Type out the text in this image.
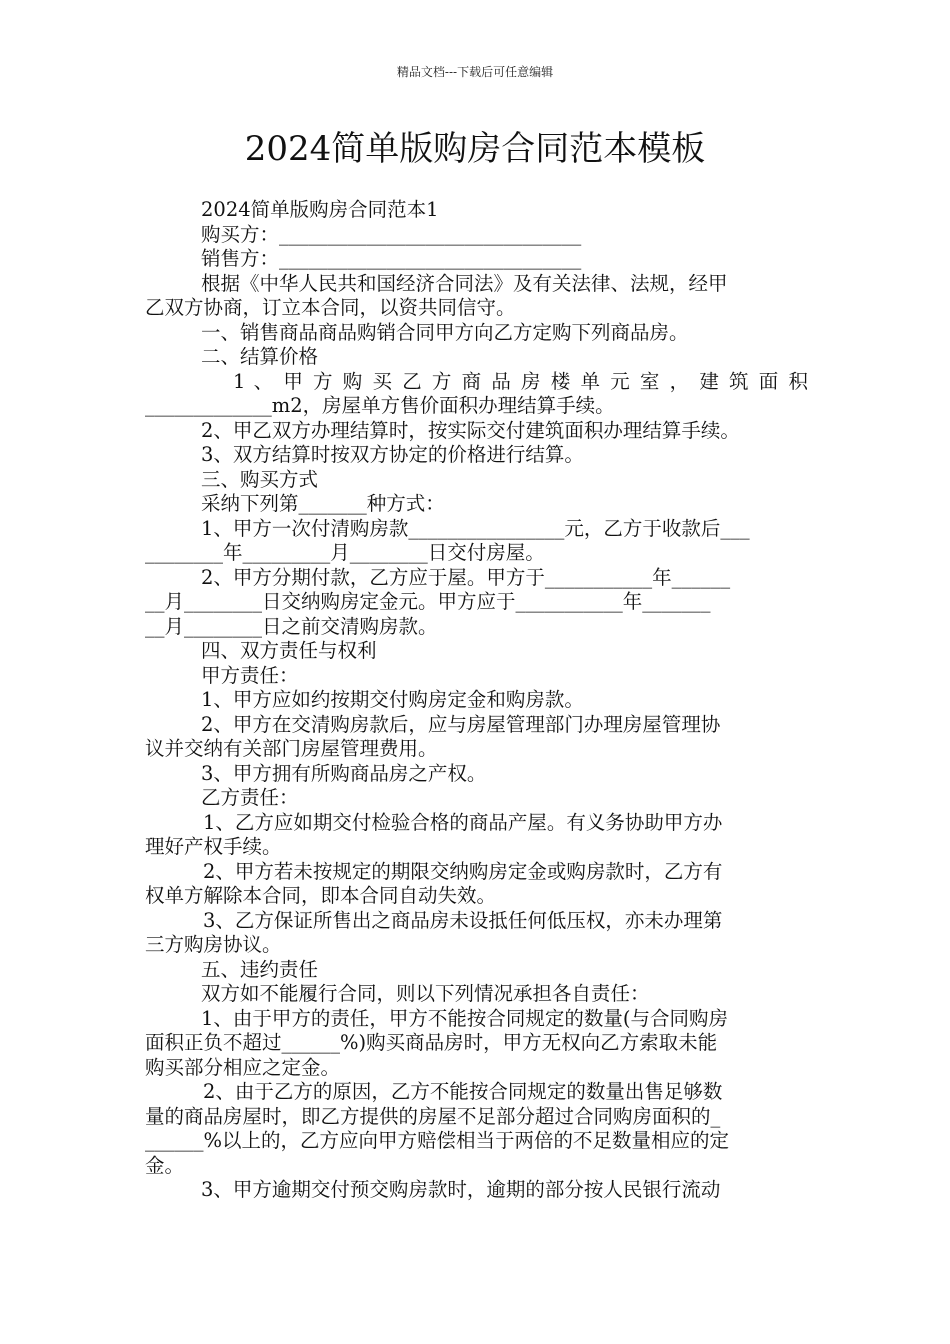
精品文档---下载后可任意编辑
2024简单版购房合同范本模板
2024简单版购房合同范本1
购买方：_______________________________
销售方：_______________________________
根据《中华人民共和国经济合同法》及有关法律、法规，经甲
乙双方协商，订立本合同，以资共同信守。
一、销售商品商品购销合同甲方向乙方定购下列商品房。
二、结算价格
1 、 甲 方 购 买 乙 方 商 品 房 楼 单 元 室 ， 建 筑 面 积
_____________m2，房屋单方售价面积办理结算手续。
2、甲乙双方办理结算时，按实际交付建筑面积办理结算手续。
3、双方结算时按双方协定的价格进行结算。
三、购买方式
采纳下列第_______种方式：
1、甲方一次付清购房款________________元，乙方于收款后___
________年_________月________日交付房屋。
2、甲方分期付款，乙方应于屋。甲方于___________年______
__月________日交纳购房定金元。甲方应于___________年_______
__月________日之前交清购房款。
四、双方责任与权利
甲方责任：
1、甲方应如约按期交付购房定金和购房款。
2、甲方在交清购房款后，应与房屋管理部门办理房屋管理协
议并交纳有关部门房屋管理费用。
3、甲方拥有所购商品房之产权。
乙方责任：
1、乙方应如期交付检验合格的商品产屋。有义务协助甲方办
理好产权手续。
2、甲方若未按规定的期限交纳购房定金或购房款时，乙方有
权单方解除本合同，即本合同自动失效。
3、乙方保证所售出之商品房未设抵任何低压权，亦未办理第
三方购房协议。
五、违约责任
双方如不能履行合同，则以下列情况承担各自责任：
1、由于甲方的责任，甲方不能按合同规定的数量(与合同购房
面积正负不超过______%)购买商品房时，甲方无权向乙方索取未能
购买部分相应之定金。
2、由于乙方的原因，乙方不能按合同规定的数量出售足够数
量的商品房屋时，即乙方提供的房屋不足部分超过合同购房面积的_
______%以上的，乙方应向甲方赔偿相当于两倍的不足数量相应的定
金。
3、甲方逾期交付预交购房款时，逾期的部分按人民银行流动
